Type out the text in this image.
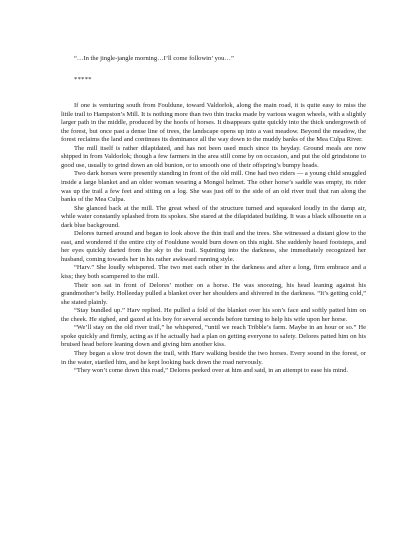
“…In the jingle-jangle morning…I’ll come followin’ you…”

*****

If one is venturing south from Fouldune, toward Valdorlok, along the main road, it is quite easy to miss the little trail to Hampston’s Mill. It is nothing more than two thin tracks made by various wagon wheels, with a slightly larger path in the middle, produced by the hoofs of horses. It disappears quite quickly into the thick undergrowth of the forest, but once past a dense line of trees, the landscape opens up into a vast meadow. Beyond the meadow, the forest reclaims the land and continues its dominance all the way down to the muddy banks of the Mea Culpa River.

The mill itself is rather dilapidated, and has not been used much since its heyday. Ground meals are now shipped in from Valdorlok; though a few farmers in the area still come by on occasion, and put the old grindstone to good use, usually to grind down an old bunion, or to smooth one of their offspring’s bumpy heads.

Two dark horses were presently standing in front of the old mill. One had two riders — a young child snuggled inside a large blanket and an older woman wearing a Mongol helmet. The other horse’s saddle was empty, its rider was up the trail a few feet and sitting on a log. She was just off to the side of an old river trail that ran along the banks of the Mea Culpa.

She glanced back at the mill. The great wheel of the structure turned and squeaked loudly in the damp air, while water constantly splashed from its spokes. She stared at the dilapidated building. It was a black silhouette on a dark blue background.

Delores turned around and began to look above the thin trail and the trees. She witnessed a distant glow to the east, and wondered if the entire city of Fouldune would burn down on this night. She suddenly heard footsteps, and her eyes quickly darted from the sky to the trail. Squinting into the darkness, she immediately recognized her husband, coming towards her in his rather awkward running style.

“Harv.” She loudly whispered. The two met each other in the darkness and after a long, firm embrace and a kiss; they both scampered to the mill.

Their son sat in front of Delores’ mother on a horse. He was snoozing, his head leaning against his grandmother’s belly. Holleeday pulled a blanket over her shoulders and shivered in the darkness. “It’s getting cold,” she stated plainly.

“Stay bundled up.” Harv replied. He pulled a fold of the blanket over his son’s face and softly patted him on the cheek. He sighed, and gazed at his boy for several seconds before turning to help his wife upon her horse.

“We’ll stay on the old river trail,” he whispered, “until we reach Tribble’s farm. Maybe in an hour or so.” He spoke quickly and firmly, acting as if he actually had a plan on getting everyone to safety. Delores patted him on his bruised head before leaning down and giving him another kiss.

They began a slow trot down the trail, with Harv walking beside the two horses. Every sound in the forest, or in the water, startled him, and he kept looking back down the road nervously.

“They won’t come down this road,” Delores peeked over at him and said, in an attempt to ease his mind.
